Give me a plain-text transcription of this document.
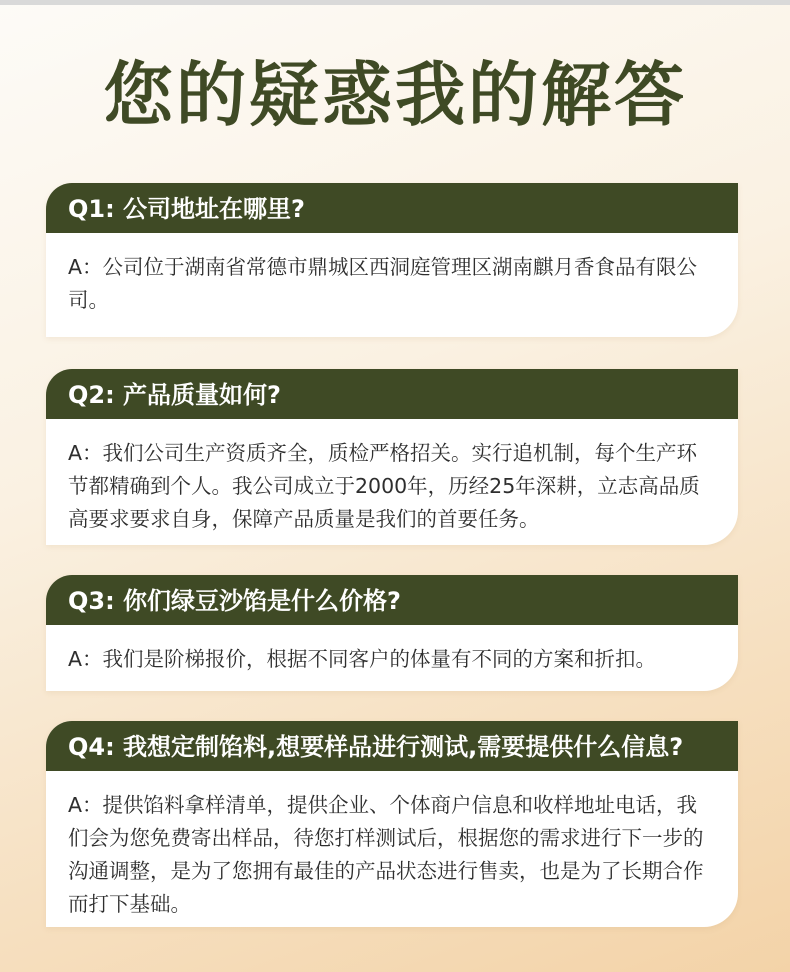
您的疑惑我的解答
Q1: 公司地址在哪里?
A：公司位于湖南省常德市鼎城区西洞庭管理区湖南麒月香食品有限公司。
Q2: 产品质量如何?
A：我们公司生产资质齐全，质检严格招关。实行追机制，每个生产环节都精确到个人。我公司成立于2000年，历经25年深耕，立志高品质高要求要求自身，保障产品质量是我们的首要任务。
Q3: 你们绿豆沙馅是什么价格?
A：我们是阶梯报价，根据不同客户的体量有不同的方案和折扣。
Q4: 我想定制馅料,想要样品进行测试,需要提供什么信息?
A：提供馅料拿样清单，提供企业、个体商户信息和收样地址电话，我们会为您免费寄出样品，待您打样测试后，根据您的需求进行下一步的沟通调整，是为了您拥有最佳的产品状态进行售卖，也是为了长期合作而打下基础。
